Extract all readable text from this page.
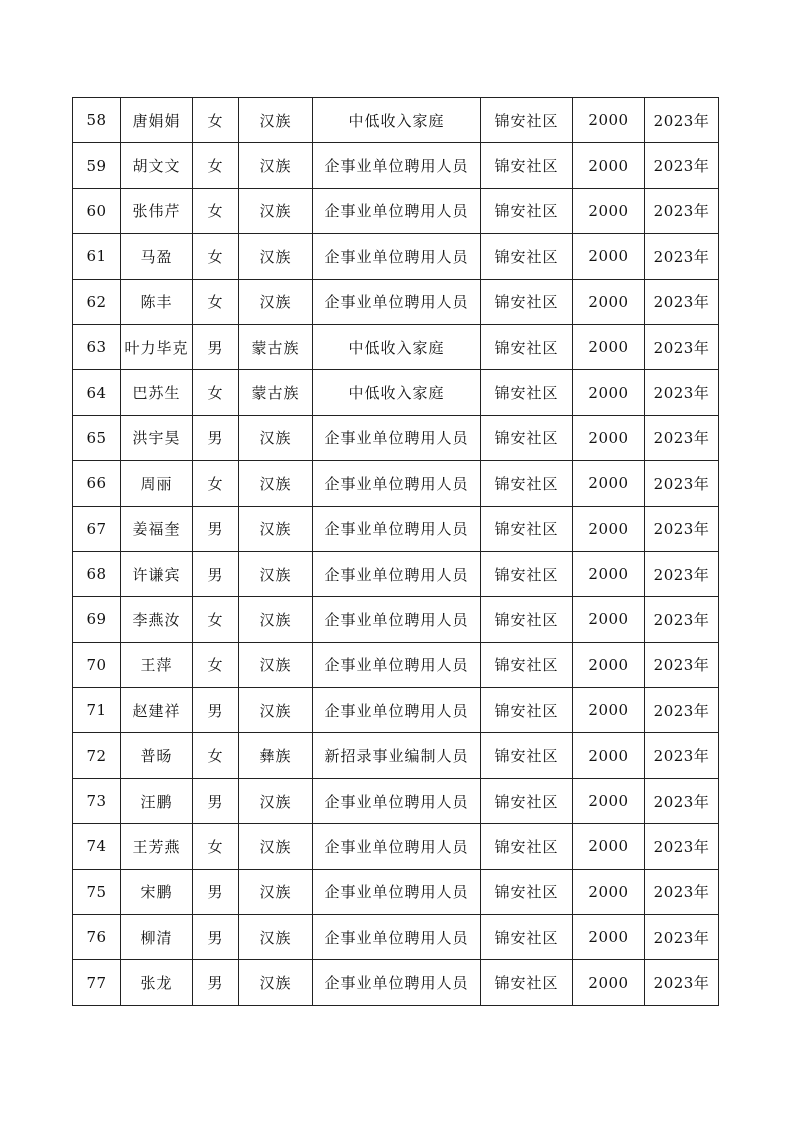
58	唐娟娟	女	汉族	中低收入家庭	锦安社区	2000	2023年
59	胡文文	女	汉族	企事业单位聘用人员	锦安社区	2000	2023年
60	张伟芹	女	汉族	企事业单位聘用人员	锦安社区	2000	2023年
61	马盈	女	汉族	企事业单位聘用人员	锦安社区	2000	2023年
62	陈丰	女	汉族	企事业单位聘用人员	锦安社区	2000	2023年
63	叶力毕克	男	蒙古族	中低收入家庭	锦安社区	2000	2023年
64	巴苏生	女	蒙古族	中低收入家庭	锦安社区	2000	2023年
65	洪宇昊	男	汉族	企事业单位聘用人员	锦安社区	2000	2023年
66	周丽	女	汉族	企事业单位聘用人员	锦安社区	2000	2023年
67	姜福奎	男	汉族	企事业单位聘用人员	锦安社区	2000	2023年
68	许谦宾	男	汉族	企事业单位聘用人员	锦安社区	2000	2023年
69	李燕汝	女	汉族	企事业单位聘用人员	锦安社区	2000	2023年
70	王萍	女	汉族	企事业单位聘用人员	锦安社区	2000	2023年
71	赵建祥	男	汉族	企事业单位聘用人员	锦安社区	2000	2023年
72	普旸	女	彝族	新招录事业编制人员	锦安社区	2000	2023年
73	汪鹏	男	汉族	企事业单位聘用人员	锦安社区	2000	2023年
74	王芳燕	女	汉族	企事业单位聘用人员	锦安社区	2000	2023年
75	宋鹏	男	汉族	企事业单位聘用人员	锦安社区	2000	2023年
76	柳清	男	汉族	企事业单位聘用人员	锦安社区	2000	2023年
77	张龙	男	汉族	企事业单位聘用人员	锦安社区	2000	2023年
